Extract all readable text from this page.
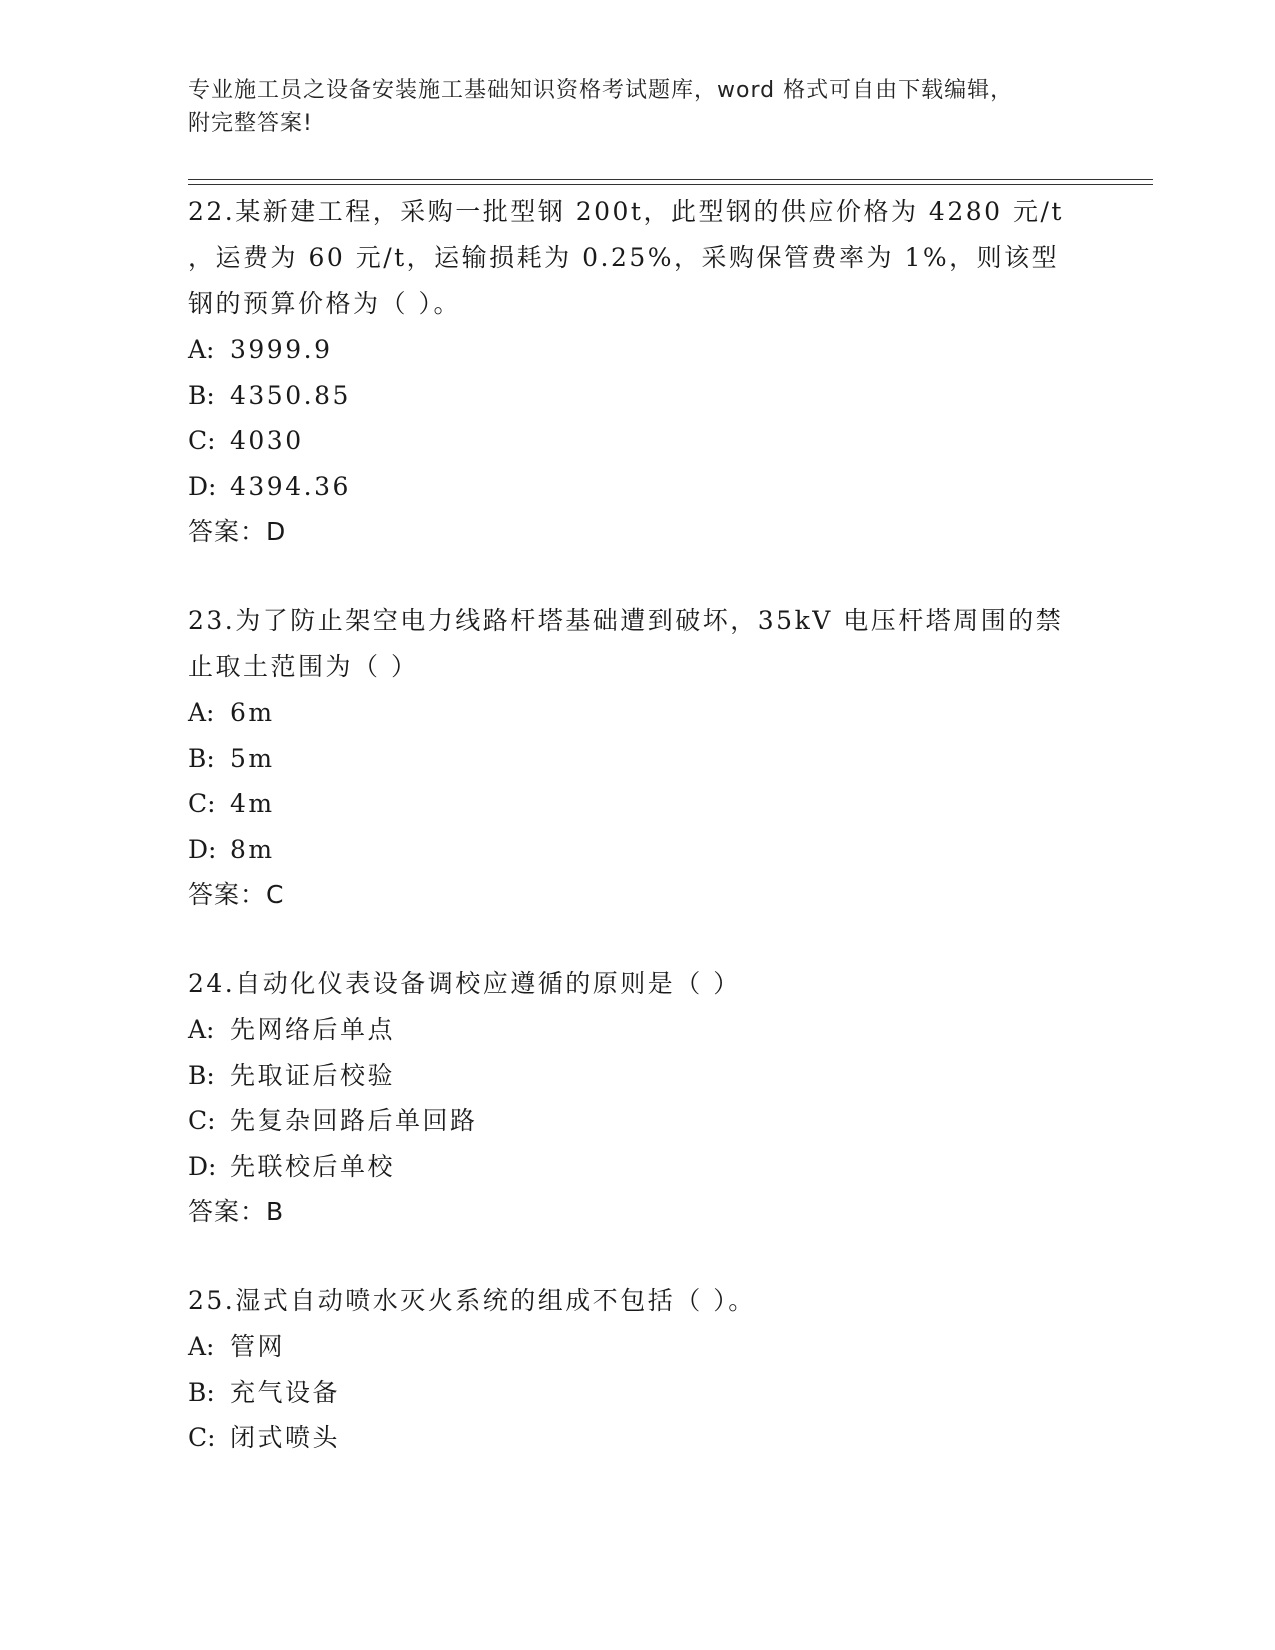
专业施工员之设备安装施工基础知识资格考试题库，word 格式可自由下载编辑，
附完整答案!

22.某新建工程，采购一批型钢 200t，此型钢的供应价格为 4280 元/t

，运费为 60 元/t，运输损耗为 0.25%，采购保管费率为 1%，则该型

钢的预算价格为（ ）。

A: 3999.9

B: 4350.85

C: 4030

D: 4394.36

答案：D

23.为了防止架空电力线路杆塔基础遭到破坏，35kV 电压杆塔周围的禁

止取土范围为（ ）

A: 6m

B: 5m

C: 4m

D: 8m

答案：C

24.自动化仪表设备调校应遵循的原则是（ ）

A: 先网络后单点

B: 先取证后校验

C: 先复杂回路后单回路

D: 先联校后单校

答案：B

25.湿式自动喷水灭火系统的组成不包括（ ）。

A: 管网

B: 充气设备

C: 闭式喷头
